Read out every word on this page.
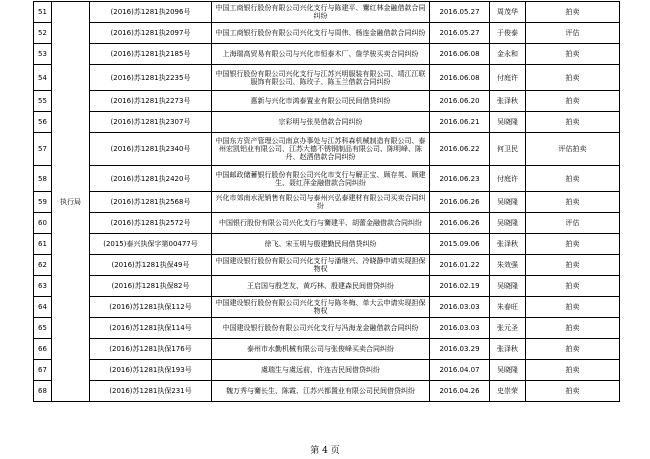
51	执行局	(2016)苏1281执2096号	中国工商银行股份有限公司兴化支行与陈建平、騫红林金融借款合同纠纷	2016.05.27	周茂华	拍卖
52		(2016)苏1281执2097号	中国工商银行股份有限公司兴化支行与周伟、杨连金融借款合同纠纷	2016.05.27	于俊泰	评估
53		(2016)苏1281执2185号	上海瑞高贸易有限公司与兴化市恒泰木厂、詹学骏买卖合同纠纷	2016.06.08	金永和	拍卖
54		(2016)苏1281执2235号	中国银行股份有限公司兴化支行与江苏兴明服装有限公司、靖江江联服饰有限公司、陈玫子、陈玉兰借款合同纠纷	2016.06.08	付庭许	拍卖
55		(2016)苏1281执2273号	惠新与兴化市鸿泰置业有限公司民间借贷纠纷	2016.06.20	张泽秋	拍卖
56		(2016)苏1281执2307号	宗彩明与张昊借款合同纠纷	2016.06.21	吴晓隆	拍卖
57		(2016)苏1281执2340号	中国东方资产管理公司南京办事处与江苏科森机械制造有限公司、泰州宏凯铝业有限公司、江苏大德不锈钢制品有限公司、陈明峰、陈丹、赵洒借款合同纠纷	2016.06.22	何卫民	评估拍卖
58		(2016)苏1281执2420号	中国邮政储蓄银行股份有限公司兴化市支行与解正宝、顾存英、顾建生、聂红萍金融借款合同纠纷	2016.06.23	付庭许	拍卖
59		(2016)苏1281执2568号	兴化市郊南水泥销售有限公司与泰州兴弘泰建材有限公司买卖合同纠纷	2016.06.26	吴晓隆	拍卖
60		(2016)苏1281执2572号	中国银行股份有限公司兴化支行与騫建平、胡蕾金融借款合同纠纷	2016.06.26	吴晓隆	评估
61		(2015)泰兴执保字第00477号	徐飞、宋玉明与殷建勤民间借贷纠纷	2015.09.06	张泽秋	拍卖
62		(2016)苏1281执保49号	中国建设银行股份有限公司兴化支行与潘继兴、冷晓静申请实现担保物权	2016.01.22	朱效强	拍卖
63		(2016)苏1281执保82号	王启国与殷芝友、黄巧林、殷建森民间借贷纠纷	2016.02.19	吴晓隆	拍卖
64		(2016)苏1281执保112号	中国建设银行股份有限公司兴化支行与陈冬梅、单大云申请实现担保物权	2016.03.03	朱春旺	拍卖
65		(2016)苏1281执保114号	中国建设银行股份有限公司兴化支行与冯海龙金融借款合同纠纷	2016.03.03	张元圣	拍卖
66		(2016)苏1281执保176号	泰州市水勤机械有限公司与张俊峰买卖合同纠纷	2016.03.29	张泽秋	拍卖
67		(2016)苏1281执保193号	虞瑞生与虞远前、许连吉民间借贷纠纷	2016.04.07	吴晓隆	拍卖
68		(2016)苏1281执保231号	魏万秀与騫长生、陈霞、江苏兴都置业有限公司民间借贷纠纷	2016.04.26	史崇荣	拍卖
第 4 页
